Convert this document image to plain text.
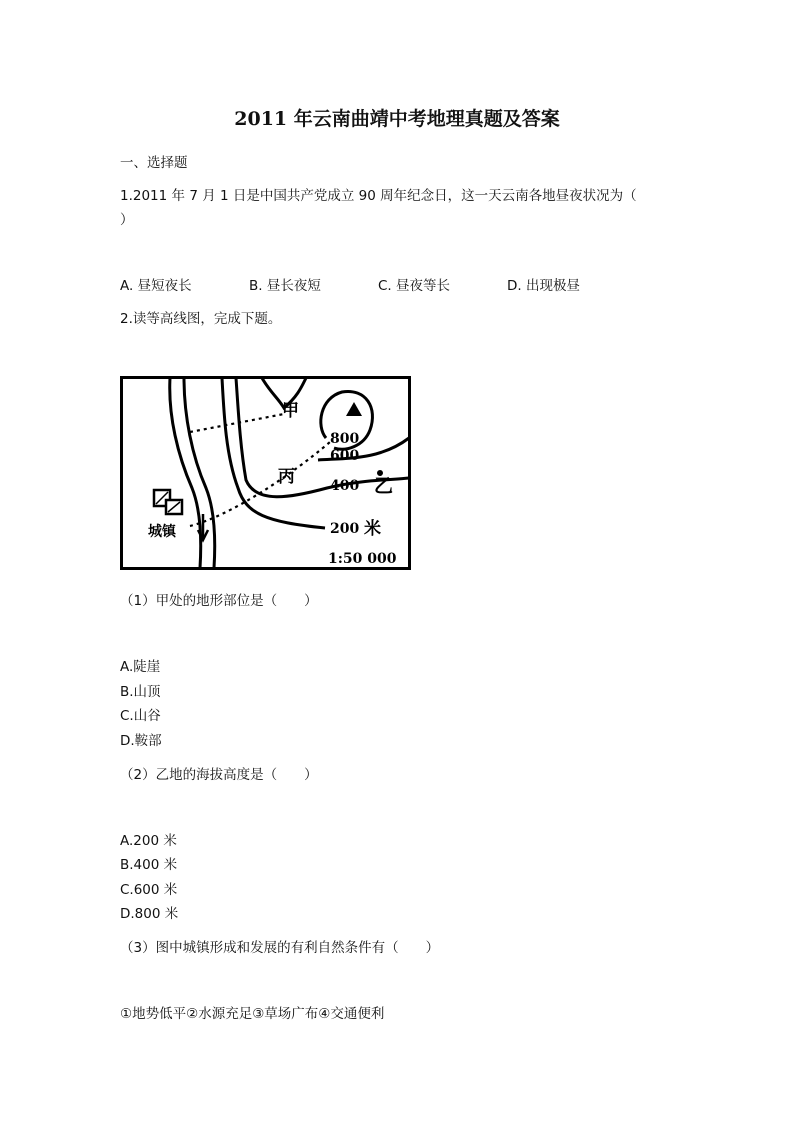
2011 年云南曲靖中考地理真题及答案
一、选择题
1.2011 年 7 月 1 日是中国共产党成立 90 周年纪念日，这一天云南各地昼夜状况为（
）
A. 昼短夜长	B. 昼长夜短	C. 昼夜等长	D. 出现极昼
2.读等高线图，完成下题。
甲
丙	乙
800
600
400
200 米
城镇
1:50 000
（1）甲处的地形部位是（　　）
A.陡崖
B.山顶
C.山谷
D.鞍部
（2）乙地的海拔高度是（　　）
A.200 米
B.400 米
C.600 米
D.800 米
（3）图中城镇形成和发展的有利自然条件有（　　）
①地势低平②水源充足③草场广布④交通便利
